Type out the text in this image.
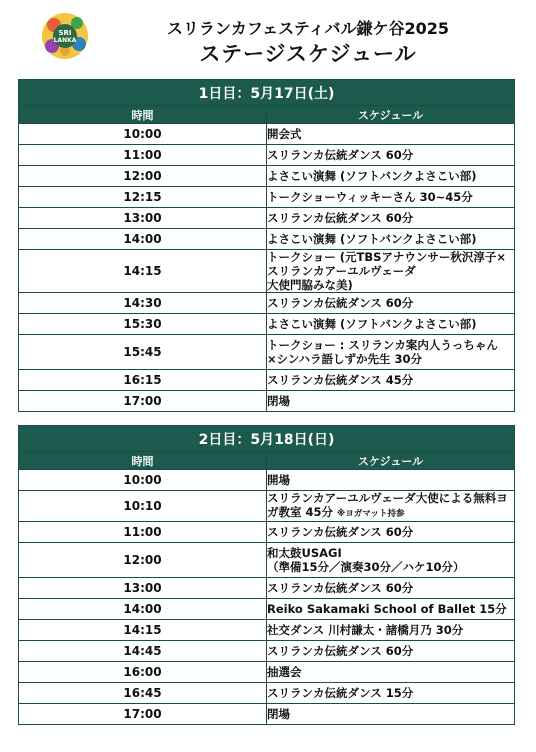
SRI
LANKA
スリランカフェスティバル鎌ケ谷2025
ステージスケジュール
1日目：5月17日(土)	
時間	スケジュール
10:00	開会式
11:00	スリランカ伝統ダンス 60分
12:00	よさこい演舞 (ソフトバンクよさこい部)
12:15	トークショーウィッキーさん 30~45分
13:00	スリランカ伝統ダンス 60分
14:00	よさこい演舞 (ソフトバンクよさこい部)
14:15	トークショー (元TBSアナウンサー秋沢淳子×スリランカアーユルヴェーダ
大使門脇みな美)

14:30	スリランカ伝統ダンス 60分
15:30	よさこい演舞 (ソフトバンクよさこい部)
15:45	トークショー : スリランカ案内人うっちゃん
×シンハラ語しずか先生 30分

16:15	スリランカ伝統ダンス 45分
17:00	閉場
2日目：5月18日(日)	
時間	スケジュール
10:00	開場
10:10	スリランカアーユルヴェーダ大使による無料ヨガ教室 45分 ※ヨガマット持参
11:00	スリランカ伝統ダンス 60分
12:00	和太鼓USAGI
（準備15分／演奏30分／ハケ10分）

13:00	スリランカ伝統ダンス 60分
14:00	Reiko Sakamaki School of Ballet 15分
14:15	社交ダンス 川村謙太・諸橋月乃 30分
14:45	スリランカ伝統ダンス 60分
16:00	抽選会
16:45	スリランカ伝統ダンス 15分
17:00	閉場
